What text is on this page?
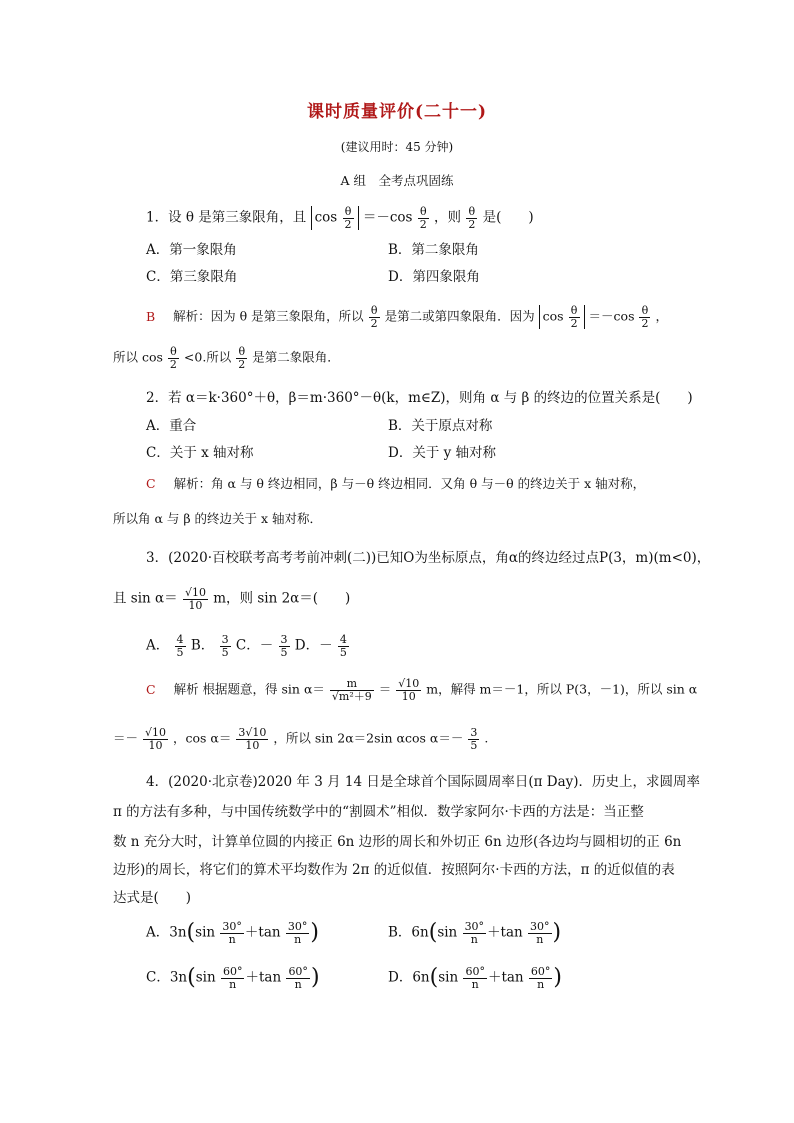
课时质量评价(二十一)
(建议用时：45 分钟)
A 组　全考点巩固练
1．设 θ 是第三象限角，且 $\cos \frac{\theta}{2} =-\cos \frac{\theta}{2}$ ，则 $\frac{\theta}{2}$ 是(　　)
A．第一象限角	B．第二象限角
C．第三象限角	D．第四象限角
B 解析：因为 θ 是第三象限角，所以 $\frac{\theta}{2}$ 是第二或第四象限角．因为 $\cos \frac{\theta}{2} =-\cos \frac{\theta}{2}$ ，
所以 $\cos \frac{\theta}{2} <0$.所以 $\frac{\theta}{2}$ 是第二象限角．
2．若 α＝k·360°＋θ，β＝m·360°－θ(k，m∈Z)，则角 α 与 β 的终边的位置关系是(　　)
A．重合	B．关于原点对称
C．关于 x 轴对称	D．关于 y 轴对称
C 解析：角 α 与 θ 终边相同，β 与－θ 终边相同．又角 θ 与－θ 的终边关于 x 轴对称，
所以角 α 与 β 的终边关于 x 轴对称．
3．(2020·百校联考高考考前冲刺(二))已知O为坐标原点，角α的终边经过点P(3，m)(m<0)，
且 $\sin \alpha= \frac{√10}{10}$ m，则 sin 2α＝(　　)
A． $\frac{4}{5}$ B． $\frac{3}{5}$ C．－ $\frac{3}{5}$ D．－ $\frac{4}{5}$
C 解析 根据题意，得 $\sin \alpha= \frac{m}{\text{√m²＋9}} = \frac{√10}{10}$ m，解得 m＝－1，所以 P(3，－1)，所以 sin α
＝－ $\frac{√10}{10}$ ，$\cos \alpha= \frac{3√10}{10}$ ，所以 sin 2α＝2sin αcos $\alpha=- \frac{3}{5}$ .
4．(2020·北京卷)2020 年 3 月 14 日是全球首个国际圆周率日(π Day)．历史上，求圆周率
π 的方法有多种，与中国传统数学中的“割圆术”相似．数学家阿尔·卡西的方法是：当正整
数 n 充分大时，计算单位圆的内接正 6n 边形的周长和外切正 6n 边形(各边均与圆相切的正 6n
边形)的周长，将它们的算术平均数作为 2π 的近似值．按照阿尔·卡西的方法，π 的近似值的表
达式是(　　)
A．$3n(\sin \frac{30^\circ}{n} +\tan \frac{30^\circ}{n}$ )	B．$6n(\sin \frac{30^\circ}{n} +\tan \frac{30^\circ}{n}$ )
C．$3n(\sin \frac{60^\circ}{n} +\tan \frac{60^\circ}{n}$ )	D．$6n(\sin \frac{60^\circ}{n} +\tan \frac{60^\circ}{n}$ )
